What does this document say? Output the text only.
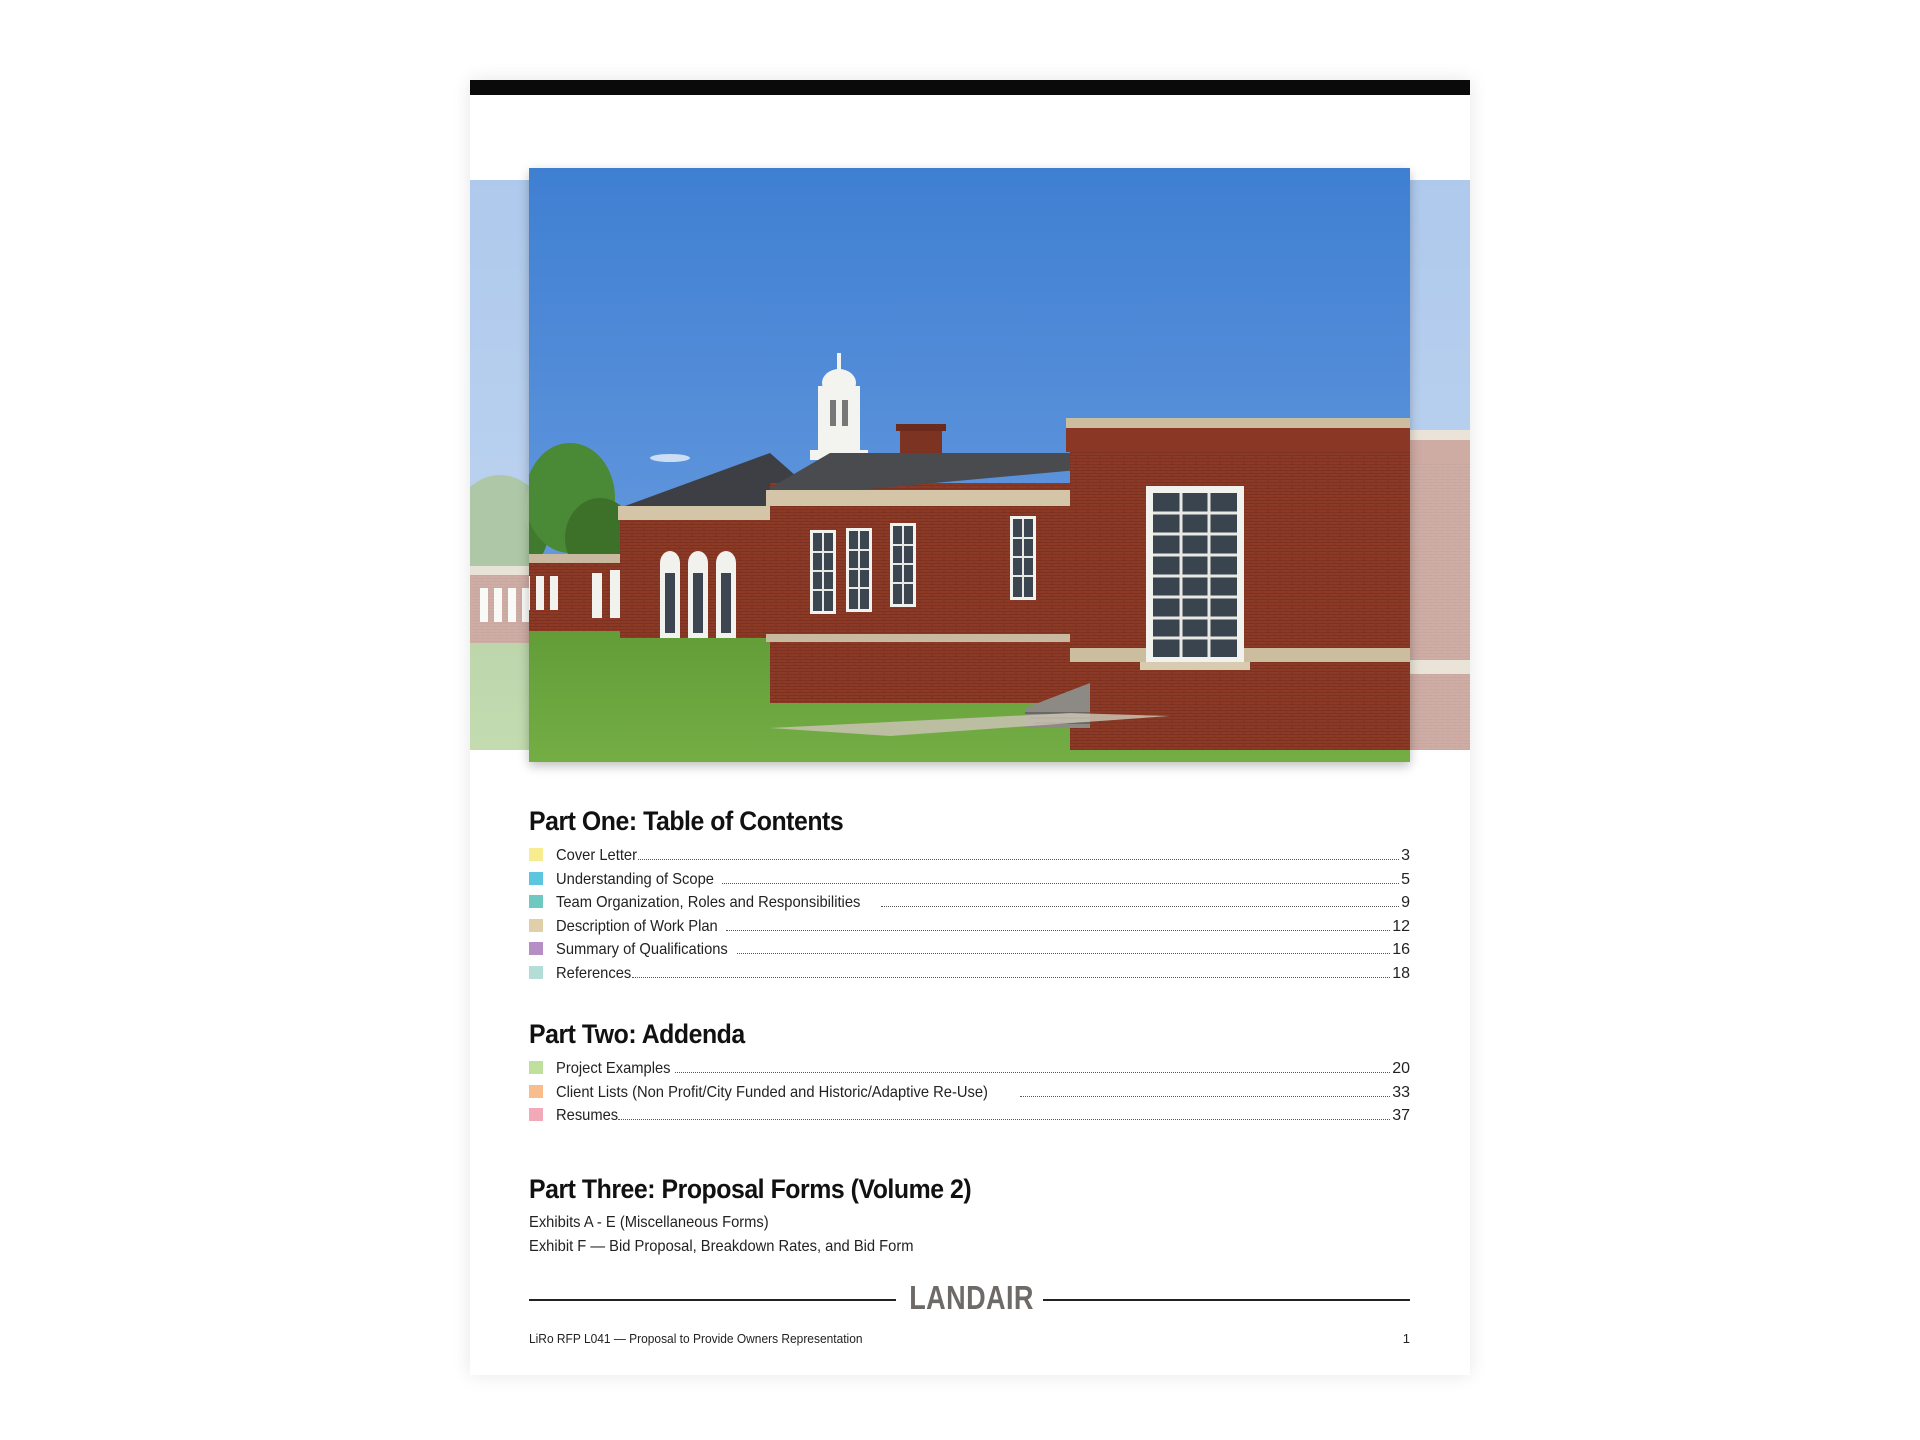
Part One: Table of Contents
Cover Letter	3
Understanding of Scope	5
Team Organization, Roles and Responsibilities	9
Description of Work Plan	12
Summary of Qualifications	16
References	18
Part Two: Addenda
Project Examples	20
Client Lists (Non Profit/City Funded and Historic/Adaptive Re-Use)	33
Resumes	37
Part Three: Proposal Forms (Volume 2)
Exhibits A - E (Miscellaneous Forms)
Exhibit F — Bid Proposal, Breakdown Rates, and Bid Form
LANDAIR
LiRo RFP L041 — Proposal to Provide Owners Representation	1
